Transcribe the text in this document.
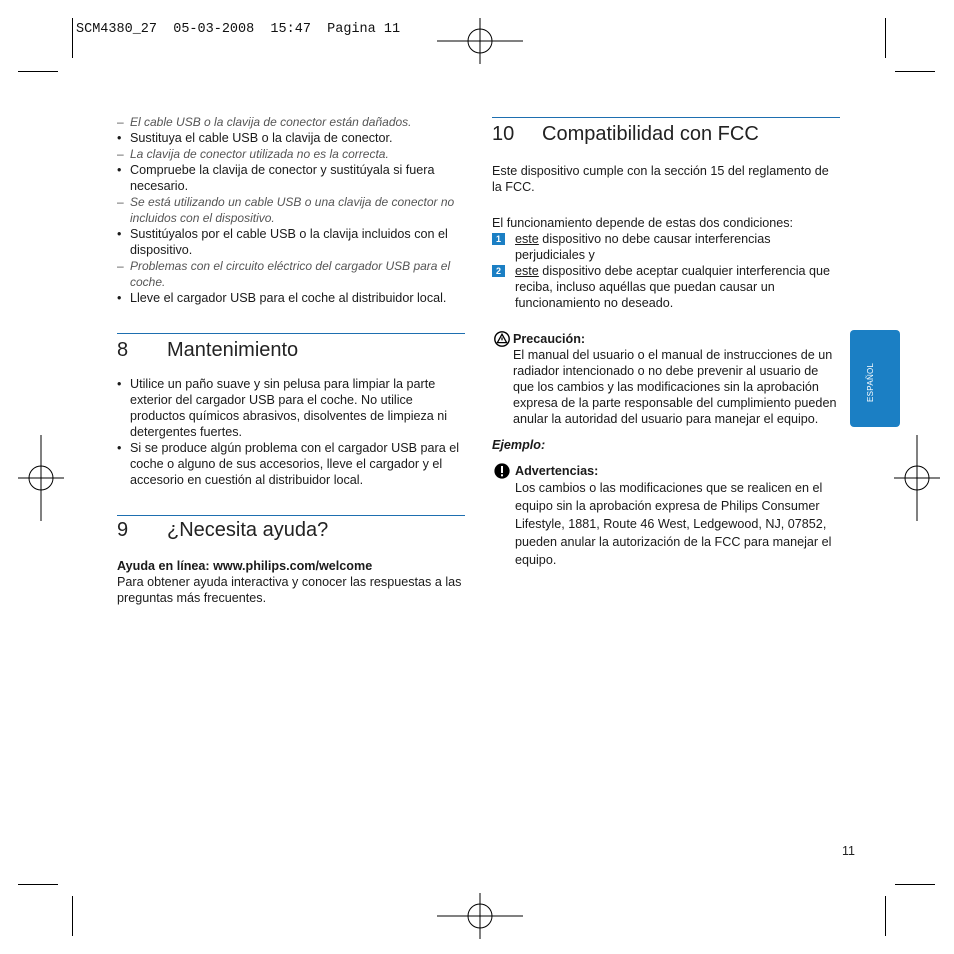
SCM4380_27  05-03-2008  15:47  Pagina 11

– El cable USB o la clavija de conector están dañados.

• Sustituya el cable USB o la clavija de conector.

– La clavija de conector utilizada no es la correcta.

• Compruebe la clavija de conector y sustitúyala si fuera necesario.

– Se está utilizando un cable USB o una clavija de conector no incluidos con el dispositivo.

• Sustitúyalos por el cable USB o la clavija incluidos con el dispositivo.

– Problemas con el circuito eléctrico del cargador USB para el coche.

• Lleve el cargador USB para el coche al distribuidor local.

8 Mantenimiento

• Utilice un paño suave y sin pelusa para limpiar la parte exterior del cargador USB para el coche. No utilice productos químicos abrasivos, disolventes de limpieza ni detergentes fuertes.

• Si se produce algún problema con el cargador USB para el coche o alguno de sus accesorios, lleve el cargador y el accesorio en cuestión al distribuidor local.

9 ¿Necesita ayuda?

Ayuda en línea: www.philips.com/welcome

Para obtener ayuda interactiva y conocer las respuestas a las preguntas más frecuentes.

10 Compatibilidad con FCC

Este dispositivo cumple con la sección 15 del reglamento de la FCC.

El funcionamiento depende de estas dos condiciones:

1	este dispositivo no debe causar interferencias perjudiciales y
2	este dispositivo debe aceptar cualquier interferencia que reciba, incluso aquéllas que puedan causar un funcionamiento no deseado.

Precaución:

El manual del usuario o el manual de instrucciones de un radiador intencionado o no debe prevenir al usuario de que los cambios y las modificaciones sin la aprobación expresa de la parte responsable del cumplimiento pueden anular la autoridad del usuario para manejar el equipo.

Ejemplo:

Advertencias:

Los cambios o las modificaciones que se realicen en el equipo sin la aprobación expresa de Philips Consumer Lifestyle, 1881, Route 46 West, Ledgewood, NJ, 07852, pueden anular la autorización de la FCC para manejar el equipo.

ESPAÑOL
11
